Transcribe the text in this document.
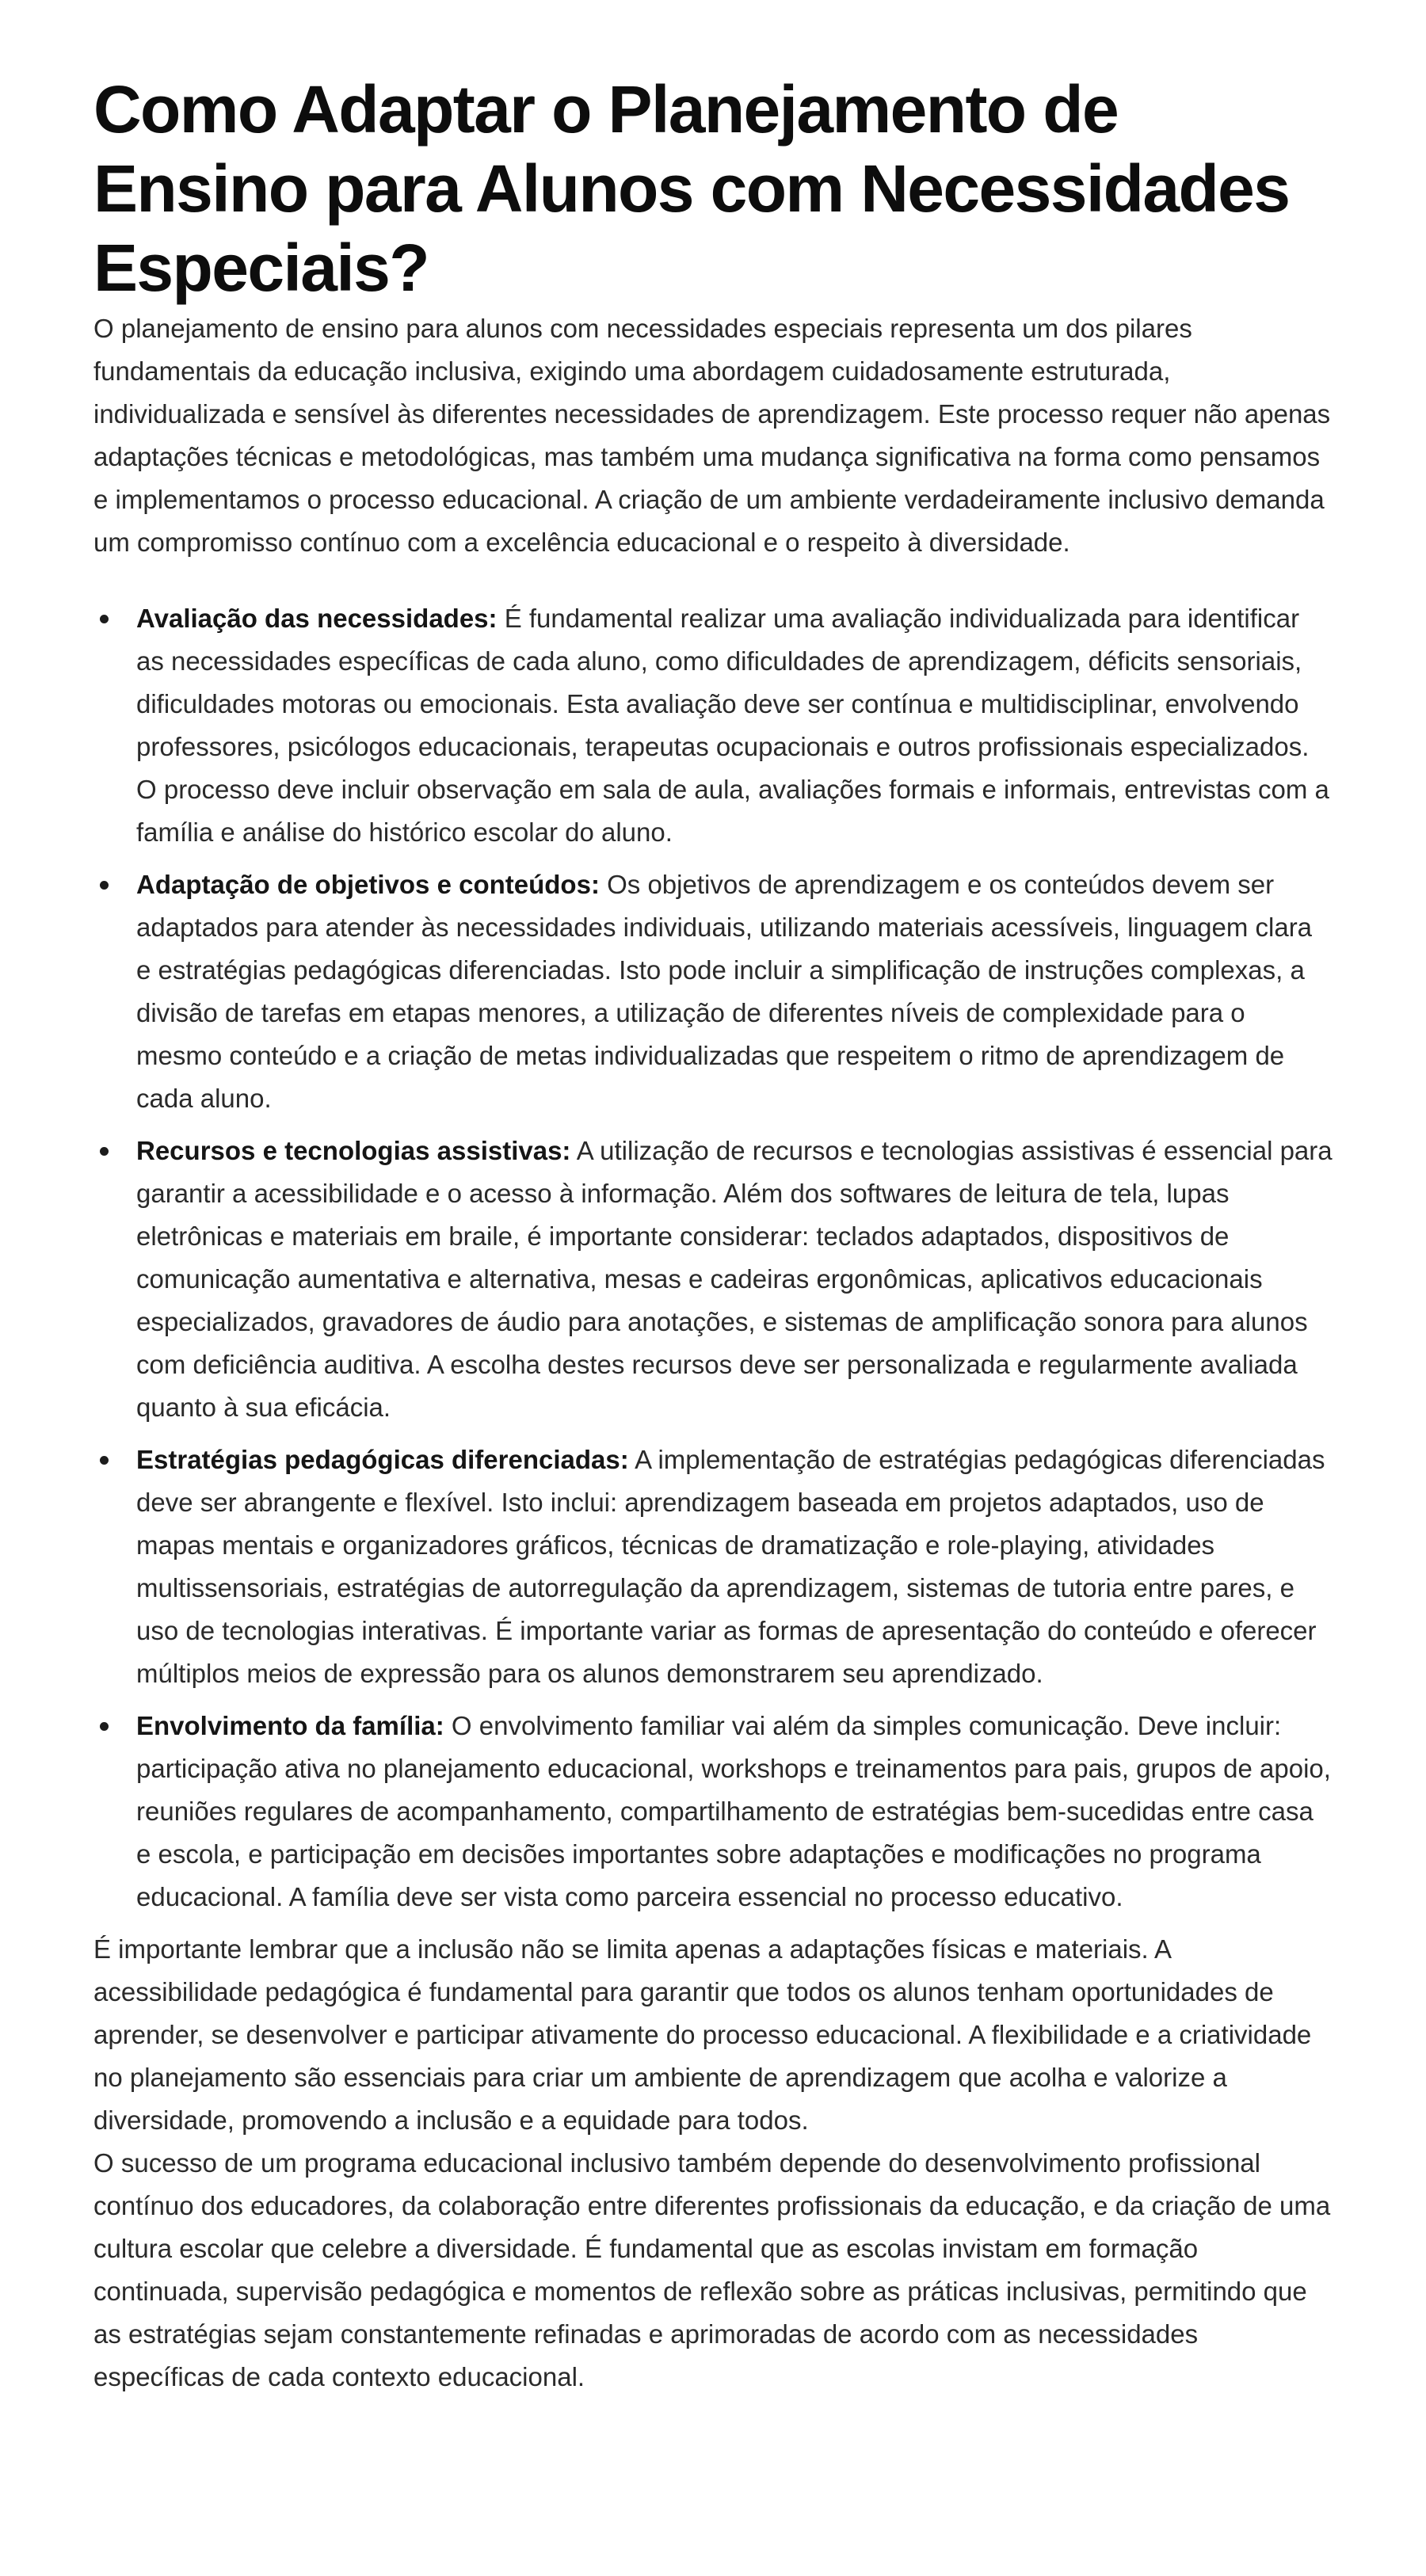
Como Adaptar o Planejamento de Ensino para Alunos com Necessidades Especiais?

O planejamento de ensino para alunos com necessidades especiais representa um dos pilares fundamentais da educação inclusiva, exigindo uma abordagem cuidadosamente estruturada, individualizada e sensível às diferentes necessidades de aprendizagem. Este processo requer não apenas adaptações técnicas e metodológicas, mas também uma mudança significativa na forma como pensamos e implementamos o processo educacional. A criação de um ambiente verdadeiramente inclusivo demanda um compromisso contínuo com a excelência educacional e o respeito à diversidade.

Avaliação das necessidades: É fundamental realizar uma avaliação individualizada para identificar as necessidades específicas de cada aluno, como dificuldades de aprendizagem, déficits sensoriais, dificuldades motoras ou emocionais. Esta avaliação deve ser contínua e multidisciplinar, envolvendo professores, psicólogos educacionais, terapeutas ocupacionais e outros profissionais especializados. O processo deve incluir observação em sala de aula, avaliações formais e informais, entrevistas com a família e análise do histórico escolar do aluno.
Adaptação de objetivos e conteúdos: Os objetivos de aprendizagem e os conteúdos devem ser adaptados para atender às necessidades individuais, utilizando materiais acessíveis, linguagem clara e estratégias pedagógicas diferenciadas. Isto pode incluir a simplificação de instruções complexas, a divisão de tarefas em etapas menores, a utilização de diferentes níveis de complexidade para o mesmo conteúdo e a criação de metas individualizadas que respeitem o ritmo de aprendizagem de cada aluno.
Recursos e tecnologias assistivas: A utilização de recursos e tecnologias assistivas é essencial para garantir a acessibilidade e o acesso à informação. Além dos softwares de leitura de tela, lupas eletrônicas e materiais em braile, é importante considerar: teclados adaptados, dispositivos de comunicação aumentativa e alternativa, mesas e cadeiras ergonômicas, aplicativos educacionais especializados, gravadores de áudio para anotações, e sistemas de amplificação sonora para alunos com deficiência auditiva. A escolha destes recursos deve ser personalizada e regularmente avaliada quanto à sua eficácia.
Estratégias pedagógicas diferenciadas: A implementação de estratégias pedagógicas diferenciadas deve ser abrangente e flexível. Isto inclui: aprendizagem baseada em projetos adaptados, uso de mapas mentais e organizadores gráficos, técnicas de dramatização e role-playing, atividades multissensoriais, estratégias de autorregulação da aprendizagem, sistemas de tutoria entre pares, e uso de tecnologias interativas. É importante variar as formas de apresentação do conteúdo e oferecer múltiplos meios de expressão para os alunos demonstrarem seu aprendizado.
Envolvimento da família: O envolvimento familiar vai além da simples comunicação. Deve incluir: participação ativa no planejamento educacional, workshops e treinamentos para pais, grupos de apoio, reuniões regulares de acompanhamento, compartilhamento de estratégias bem-sucedidas entre casa e escola, e participação em decisões importantes sobre adaptações e modificações no programa educacional. A família deve ser vista como parceira essencial no processo educativo.

É importante lembrar que a inclusão não se limita apenas a adaptações físicas e materiais. A acessibilidade pedagógica é fundamental para garantir que todos os alunos tenham oportunidades de aprender, se desenvolver e participar ativamente do processo educacional. A flexibilidade e a criatividade no planejamento são essenciais para criar um ambiente de aprendizagem que acolha e valorize a diversidade, promovendo a inclusão e a equidade para todos.

O sucesso de um programa educacional inclusivo também depende do desenvolvimento profissional contínuo dos educadores, da colaboração entre diferentes profissionais da educação, e da criação de uma cultura escolar que celebre a diversidade. É fundamental que as escolas invistam em formação continuada, supervisão pedagógica e momentos de reflexão sobre as práticas inclusivas, permitindo que as estratégias sejam constantemente refinadas e aprimoradas de acordo com as necessidades específicas de cada contexto educacional.
